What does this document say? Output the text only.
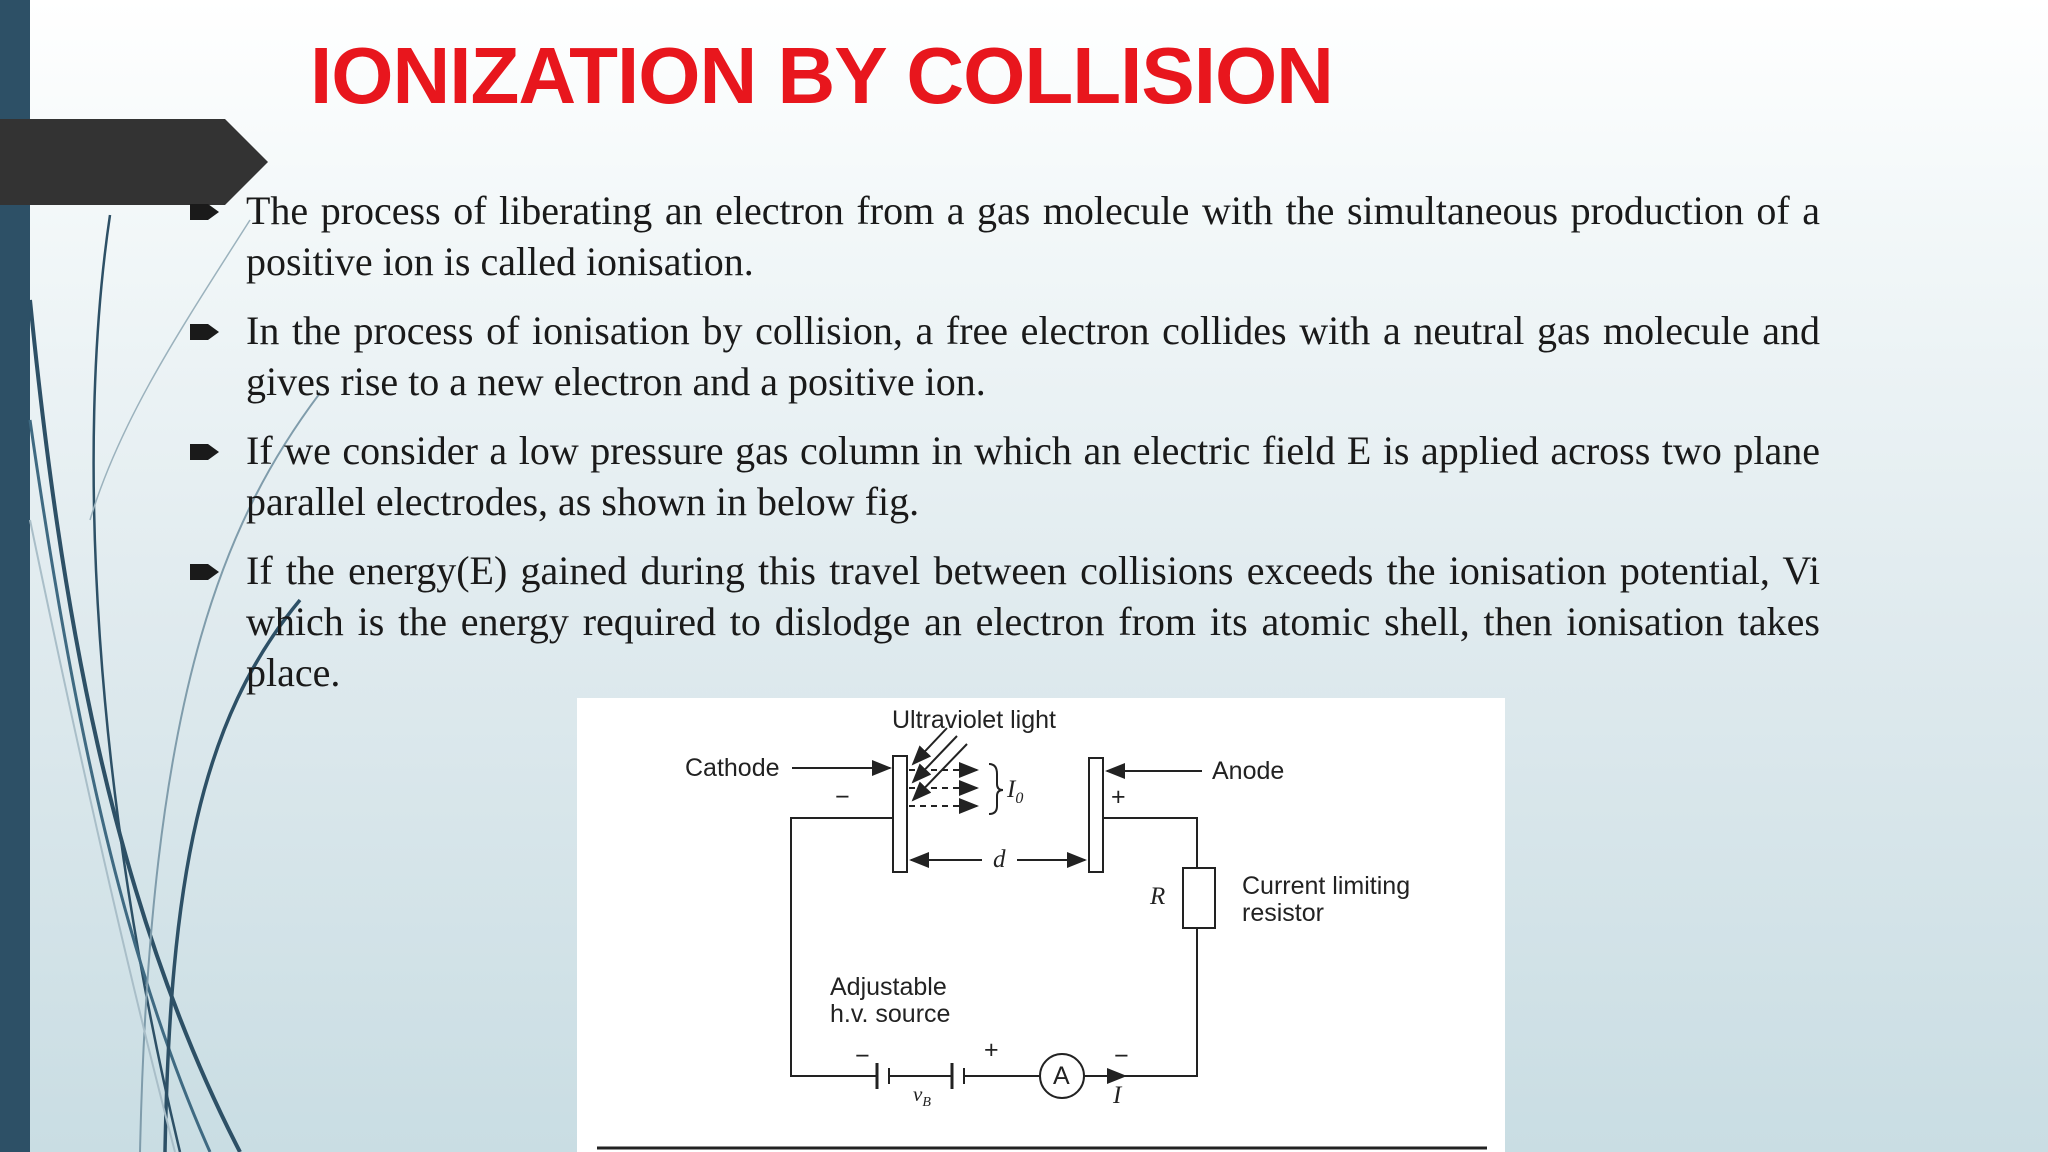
IONIZATION BY COLLISION
The process of liberating an electron from a gas molecule with the simultaneous production of a positive ion is called ionisation.
In the process of ionisation by collision, a free electron collides with a neutral gas molecule and gives rise to a new electron and a positive ion.
If we consider a low pressure gas column in which an electric field E is applied across two plane parallel electrodes, as shown in below fig.
If the energy(E) gained during this travel between collisions exceeds the ionisation potential, Vi which is the energy required to dislodge an electron from its atomic shell, then ionisation takes place.
Ultraviolet light
Cathode	Anode
−	+
$I_0$
d
R	Current limiting
resistor
Adjustable
h.v. source
−	+
$v_B$
A
−
I
